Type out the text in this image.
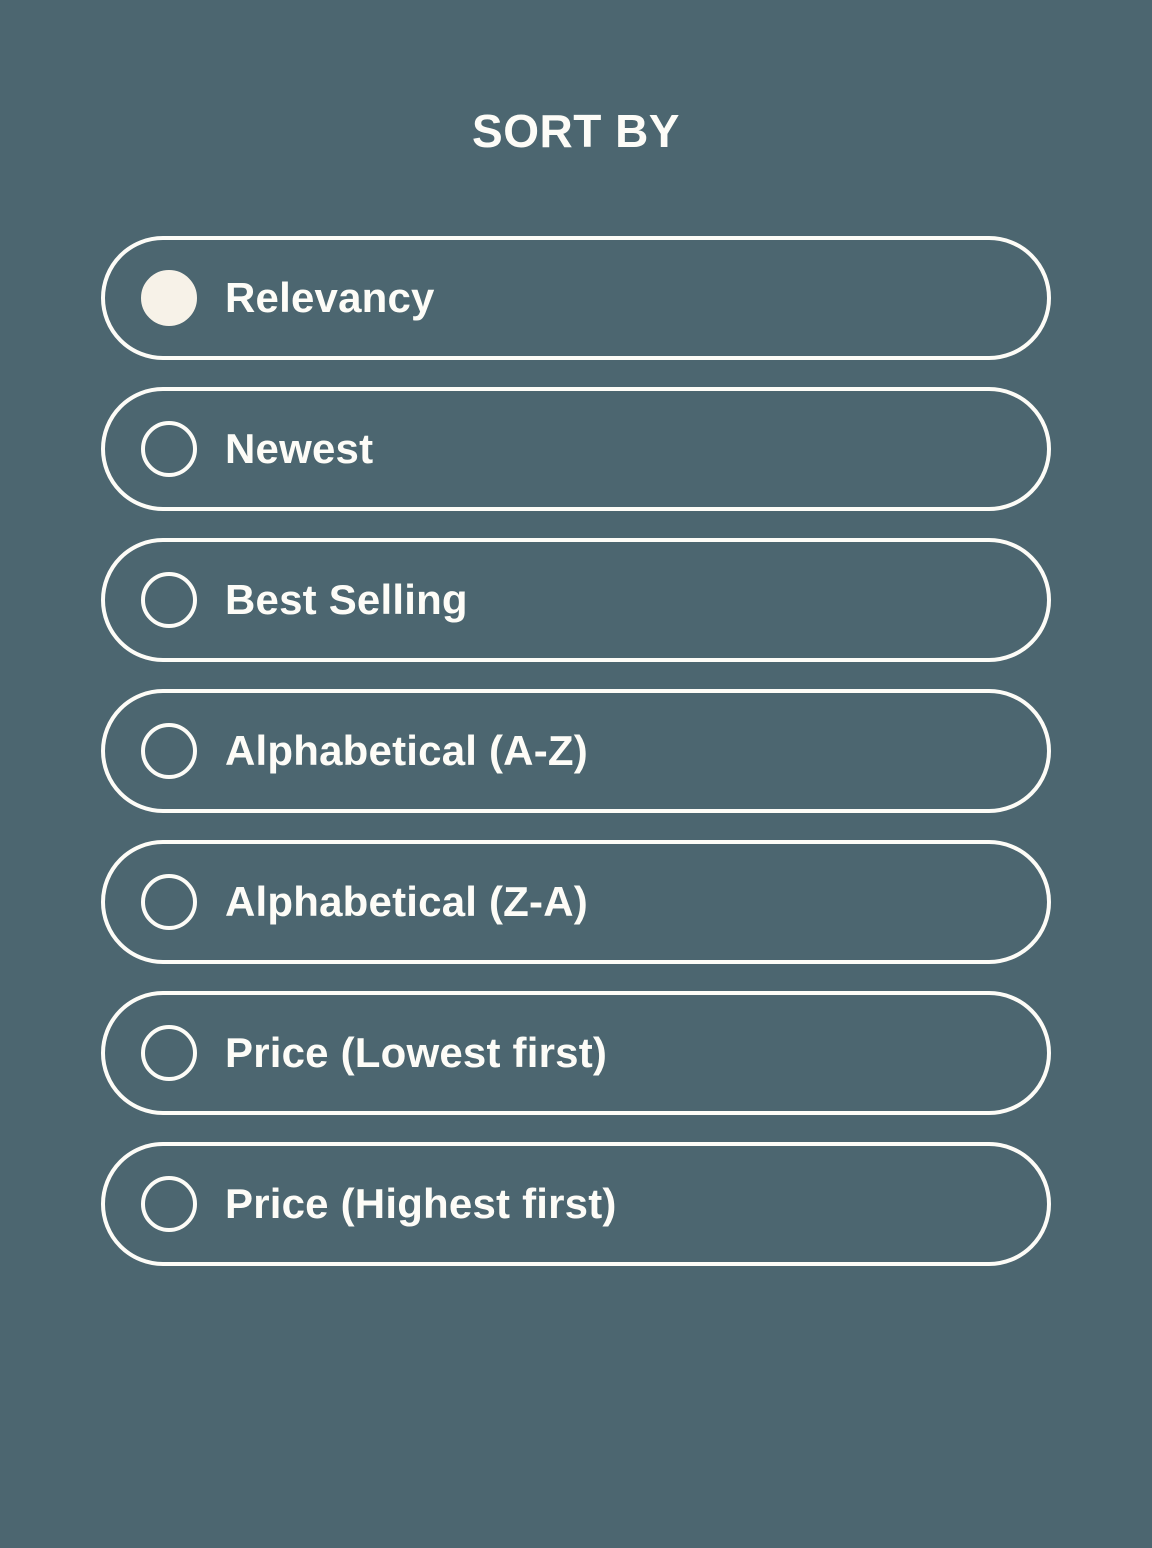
SORT BY
Relevancy
Newest
Best Selling
Alphabetical (A-Z)
Alphabetical (Z-A)
Price (Lowest first)
Price (Highest first)
